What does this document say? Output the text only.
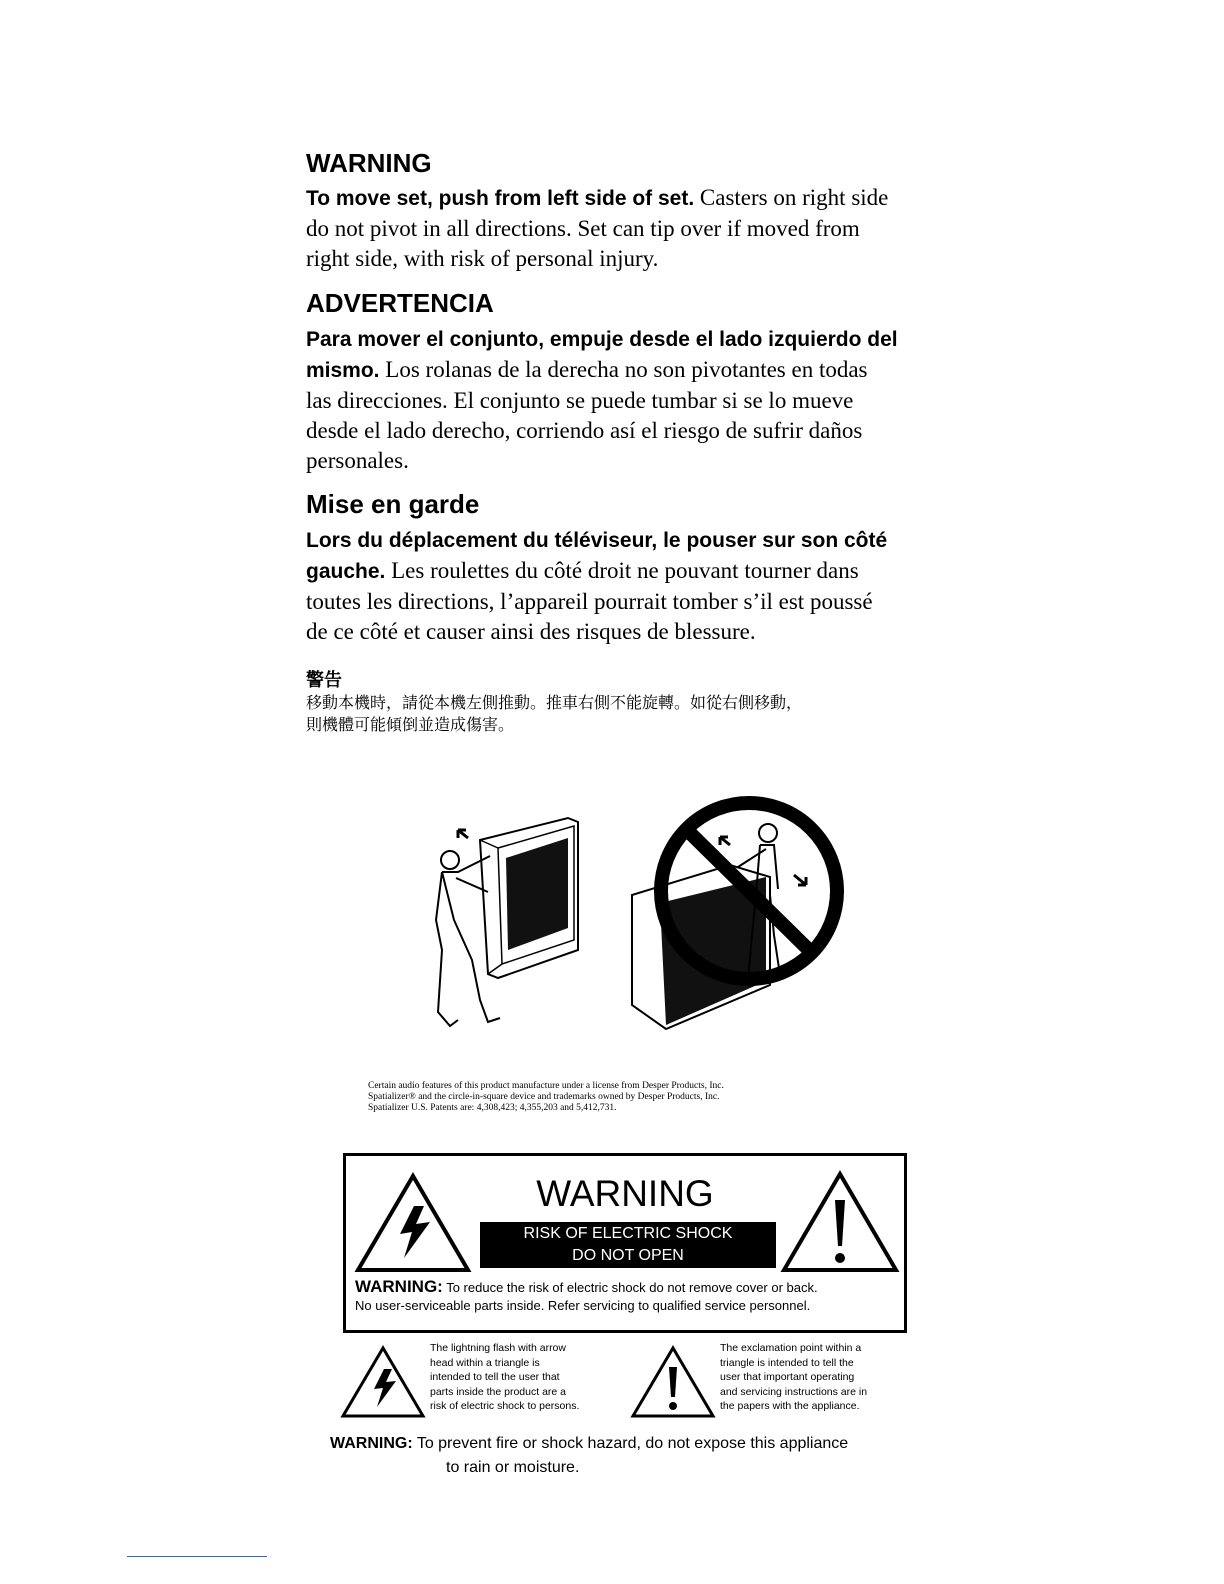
WARNING

To move set, push from left side of set. Casters on right side
do not pivot in all directions. Set can tip over if moved from
right side, with risk of personal injury.

ADVERTENCIA

Para mover el conjunto, empuje desde el lado izquierdo del
mismo. Los rolanas de la derecha no son pivotantes en todas
las direcciones. El conjunto se puede tumbar si se lo mueve
desde el lado derecho, corriendo así el riesgo de sufrir daños
personales.

Mise en garde

Lors du déplacement du téléviseur, le pouser sur son côté
gauche. Les roulettes du côté droit ne pouvant tourner dans
toutes les directions, l’appareil pourrait tomber s’il est poussé
de ce côté et causer ainsi des risques de blessure.

警告
移動本機時，請從本機左側推動。推車右側不能旋轉。如從右側移動，
則機體可能傾倒並造成傷害。
Certain audio features of this product manufacture under a license from Desper Products, Inc.
Spatializer® and the circle-in-square device and trademarks owned by Desper Products, Inc.
Spatializer U.S. Patents are: 4,308,423; 4,355,203 and 5,412,731.
WARNING
RISK OF ELECTRIC SHOCK
DO NOT OPEN
WARNING: To reduce the risk of electric shock do not remove cover or back.
No user-serviceable parts inside. Refer servicing to qualified service personnel.
The lightning flash with arrow
head within a triangle is
intended to tell the user that
parts inside the product are a
risk of electric shock to persons.
The exclamation point within a
triangle is intended to tell the
user that important operating
and servicing instructions are in
the papers with the appliance.
WARNING: To prevent fire or shock hazard, do not expose this appliance
to rain or moisture.
